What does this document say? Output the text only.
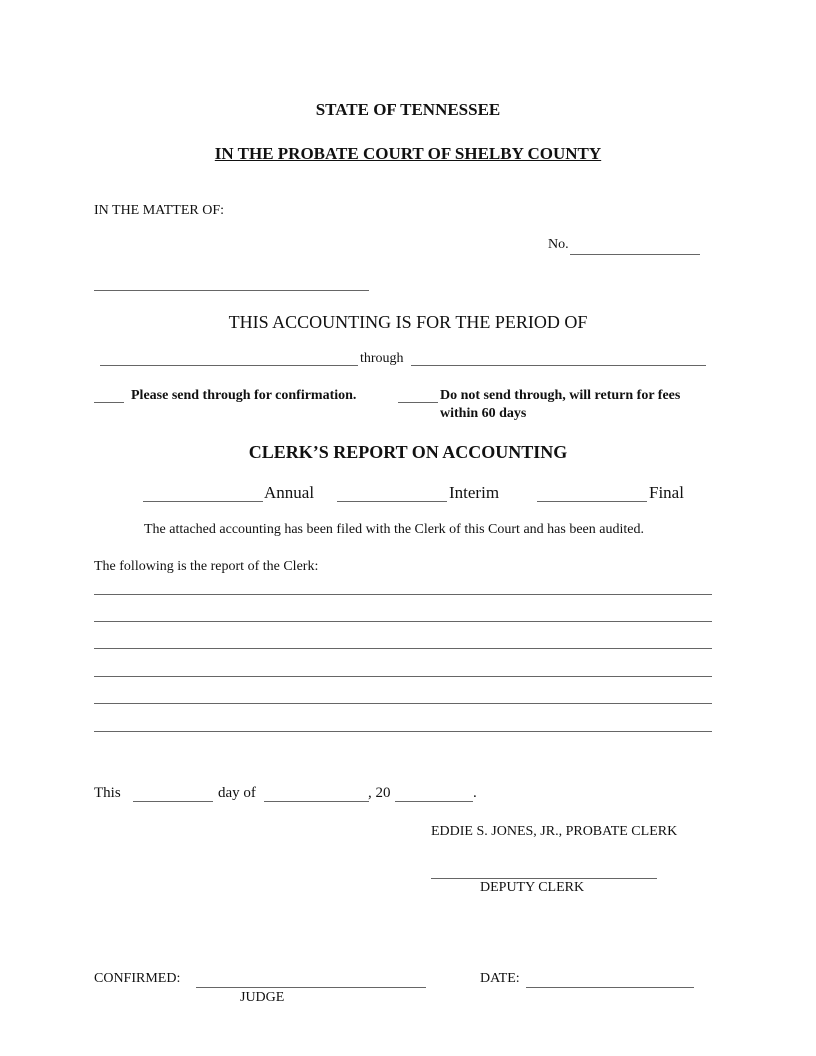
STATE OF TENNESSEE
IN THE PROBATE COURT OF SHELBY COUNTY
IN THE MATTER OF:
No.
THIS ACCOUNTING IS FOR THE PERIOD OF
through
Please send through for confirmation.	Do not send through, will return for fees
within 60 days
CLERK’S REPORT ON ACCOUNTING
Annual	Interim	Final
The attached accounting has been filed with the Clerk of this Court and has been audited.
The following is the report of the Clerk:
This	day of	, 20	.
EDDIE S. JONES, JR., PROBATE CLERK
DEPUTY CLERK
CONFIRMED:
JUDGE
DATE:
